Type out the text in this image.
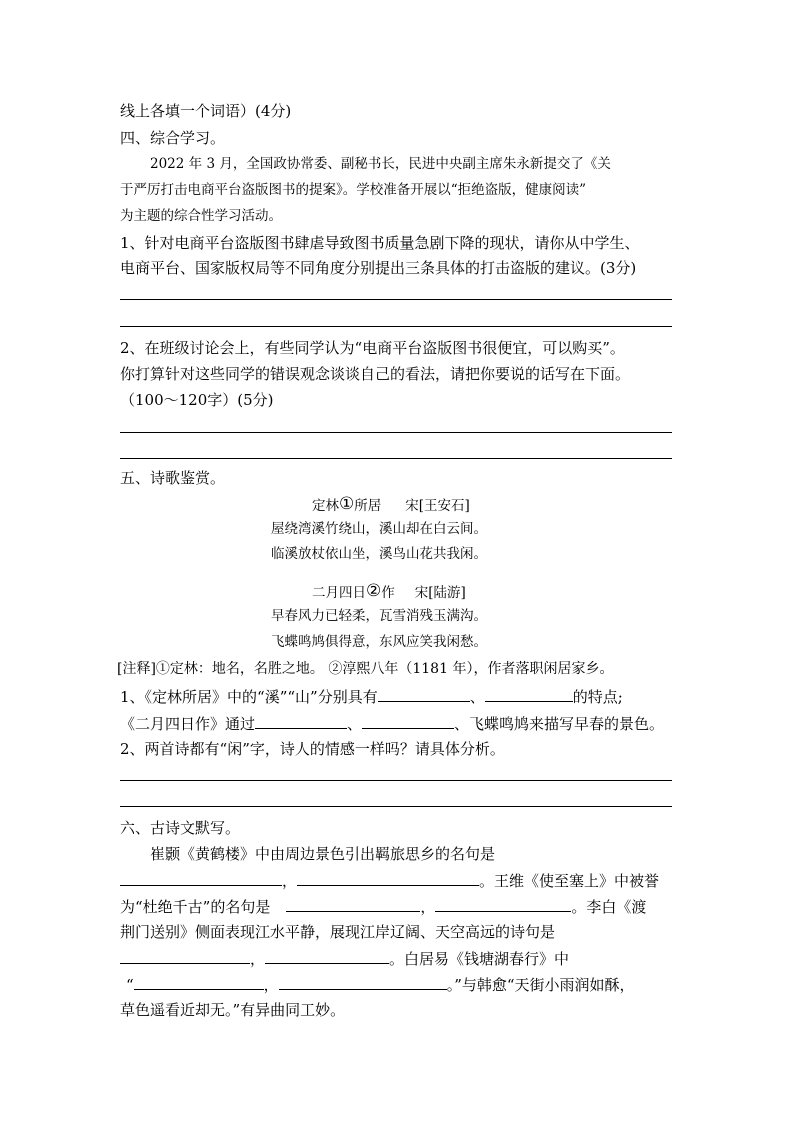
线上各填一个词语）(4分)
四、综合学习。
2022 年 3 月，全国政协常委、副秘书长，民进中央副主席朱永新提交了《关
于严厉打击电商平台盗版图书的提案》。学校准备开展以“拒绝盗版，健康阅读”
为主题的综合性学习活动。
1、针对电商平台盗版图书肆虐导致图书质量急剧下降的现状，请你从中学生、
电商平台、国家版权局等不同角度分别提出三条具体的打击盗版的建议。(3分)
2、在班级讨论会上，有些同学认为“电商平台盗版图书很便宜，可以购买”。
你打算针对这些同学的错误观念谈谈自己的看法，请把你要说的话写在下面。
（100～120字）(5分)
五、诗歌鉴赏。
定林①所居 宋[王安石]
屋绕湾溪竹绕山，溪山却在白云间。
临溪放杖依山坐，溪鸟山花共我闲。
二月四日②作 宋[陆游]
早春风力已轻柔，瓦雪消残玉满沟。
飞蝶鸣鸠俱得意，东风应笑我闲愁。
[注释]①定林：地名，名胜之地。 ②淳熙八年（1181 年），作者落职闲居家乡。
1、《定林所居》中的“溪”“山”分别具有	、	的特点;
《二月四日作》通过	、	、飞蝶鸣鸠来描写早春的景色。
2、两首诗都有“闲”字，诗人的情感一样吗？请具体分析。
六、古诗文默写。
崔颢《黄鹤楼》中由周边景色引出羁旅思乡的名句是
，	。王维《使至塞上》中被誉
为“杜绝千古”的名句是	，	。李白《渡
荆门送别》侧面表现江水平静，展现江岸辽阔、天空高远的诗句是
，	。白居易《钱塘湖春行》中
“	，	。”与韩愈“天街小雨润如酥，
草色遥看近却无。”有异曲同工妙。
